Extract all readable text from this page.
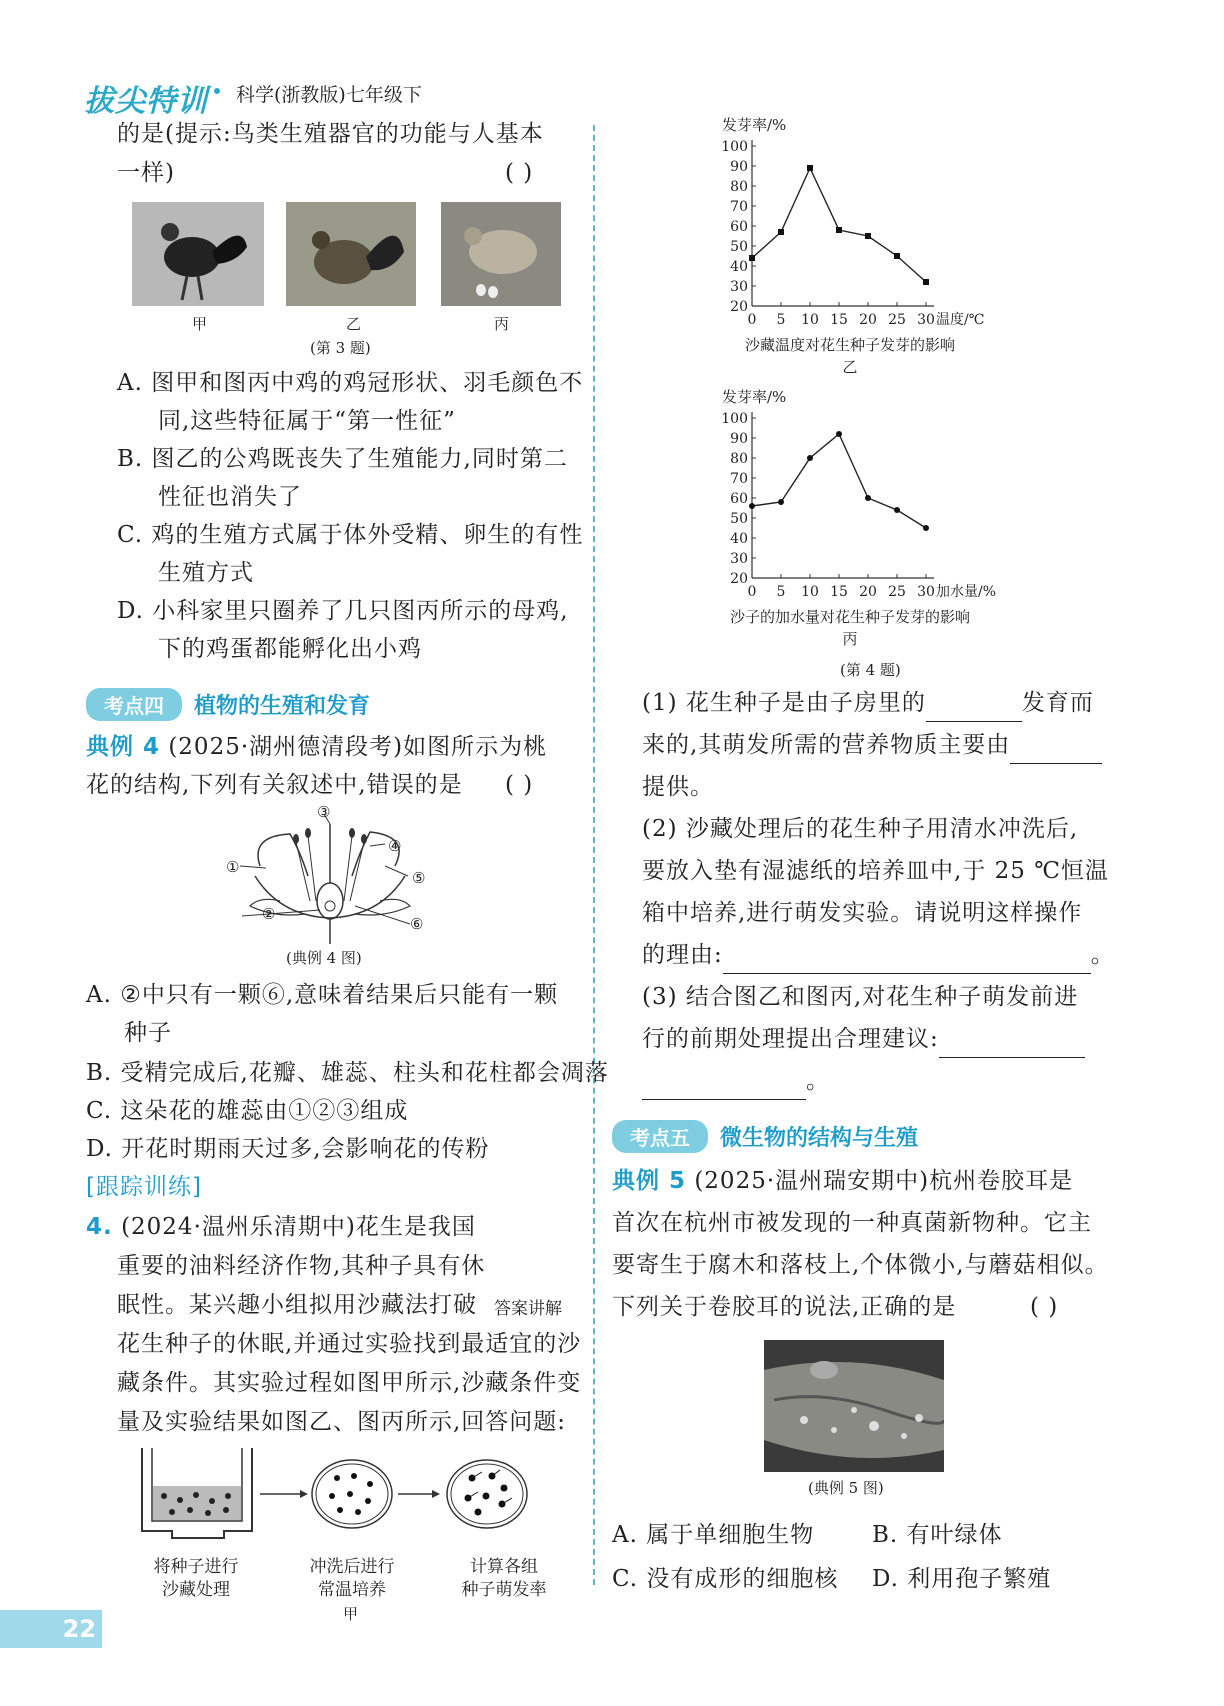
拔尖特训 科学(浙教版)七年级下
的是(提示:鸟类生殖器官的功能与人基本
一样)	( )
甲	乙	丙
(第 3 题)
A. 图甲和图丙中鸡的鸡冠形状、羽毛颜色不
同,这些特征属于“第一性征”
B. 图乙的公鸡既丧失了生殖能力,同时第二
性征也消失了
C. 鸡的生殖方式属于体外受精、卵生的有性
生殖方式
D. 小科家里只圈养了几只图丙所示的母鸡,
下的鸡蛋都能孵化出小鸡
考点四 植物的生殖和发育
典例 4 (2025·湖州德清段考)如图所示为桃
花的结构,下列有关叙述中,错误的是 ( )
③
①
④
⑤
②
⑥
(典例 4 图)
A. ②中只有一颗⑥,意味着结果后只能有一颗
种子
B. 受精完成后,花瓣、雄蕊、柱头和花柱都会凋落
C. 这朵花的雄蕊由①②③组成
D. 开花时期雨天过多,会影响花的传粉
[跟踪训练]
4. (2024·温州乐清期中)花生是我国
重要的油料经济作物,其种子具有休
眠性。某兴趣小组拟用沙藏法打破 答案讲解
花生种子的休眠,并通过实验找到最适宜的沙
藏条件。其实验过程如图甲所示,沙藏条件变
量及实验结果如图乙、图丙所示,回答问题:
将种子进行
沙藏处理
冲洗后进行
常温培养
计算各组
种子萌发率
甲
22
发芽率/%
20
30
40
50
60
70
80
90
100
0 5 10 15 20 25 30 温度/℃
沙藏温度对花生种子发芽的影响
乙
发芽率/%
20
30
40
50
60
70
80
90
100
0 5 10 15 20 25 30 加水量/%
沙子的加水量对花生种子发芽的影响
丙
(第 4 题)
(1) 花生种子是由子房里的	发育而
来的,其萌发所需的营养物质主要由
提供。
(2) 沙藏处理后的花生种子用清水冲洗后,
要放入垫有湿滤纸的培养皿中,于 25 ℃恒温
箱中培养,进行萌发实验。请说明这样操作
的理由:	。
(3) 结合图乙和图丙,对花生种子萌发前进
行的前期处理提出合理建议:
。
考点五 微生物的结构与生殖
典例 5 (2025·温州瑞安期中)杭州卷胶耳是
首次在杭州市被发现的一种真菌新物种。它主
要寄生于腐木和落枝上,个体微小,与蘑菇相似。
下列关于卷胶耳的说法,正确的是	( )
(典例 5 图)
A. 属于单细胞生物	B. 有叶绿体
C. 没有成形的细胞核 D. 利用孢子繁殖
